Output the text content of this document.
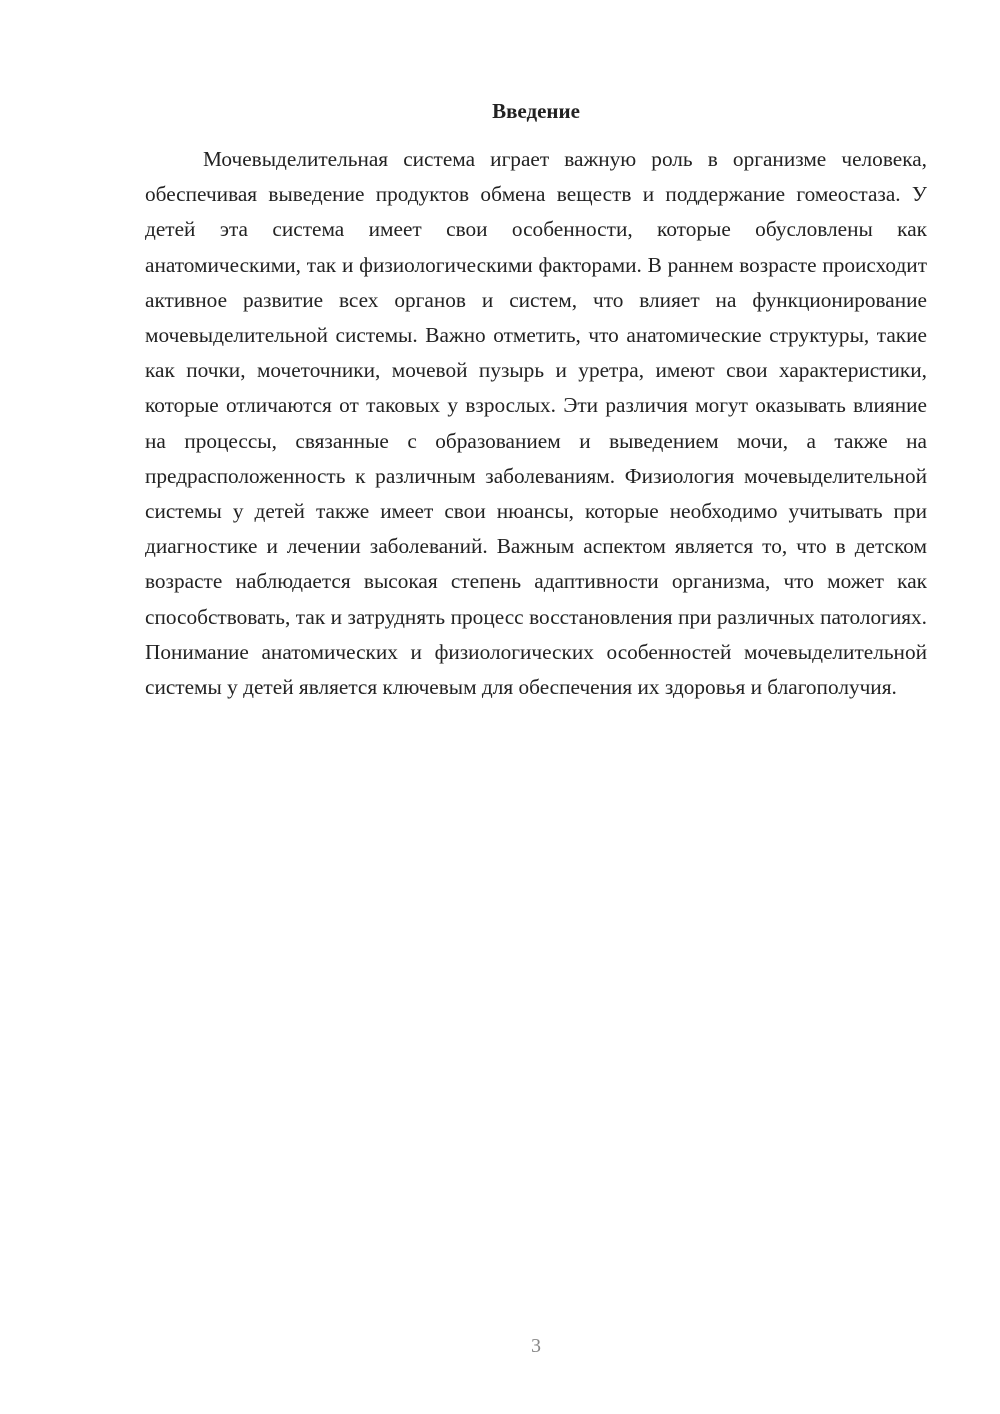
Введение

Мочевыделительная система играет важную роль в организме человека, обеспечивая выведение продуктов обмена веществ и поддержание гомеостаза. У детей эта система имеет свои особенности, которые обусловлены как анатомическими, так и физиологическими факторами. В раннем возрасте происходит активное развитие всех органов и систем, что влияет на функционирование мочевыделительной системы. Важно отметить, что анатомические структуры, такие как почки, мочеточники, мочевой пузырь и уретра, имеют свои характеристики, которые отличаются от таковых у взрослых. Эти различия могут оказывать влияние на процессы, связанные с образованием и выведением мочи, а также на предрасположенность к различным заболеваниям. Физиология мочевыделительной системы у детей также имеет свои нюансы, которые необходимо учитывать при диагностике и лечении заболеваний. Важным аспектом является то, что в детском возрасте наблюдается высокая степень адаптивности организма, что может как способствовать, так и затруднять процесс восстановления при различных патологиях. Понимание анатомических и физиологических особенностей мочевыделительной системы у детей является ключевым для обеспечения их здоровья и благополучия.

3
